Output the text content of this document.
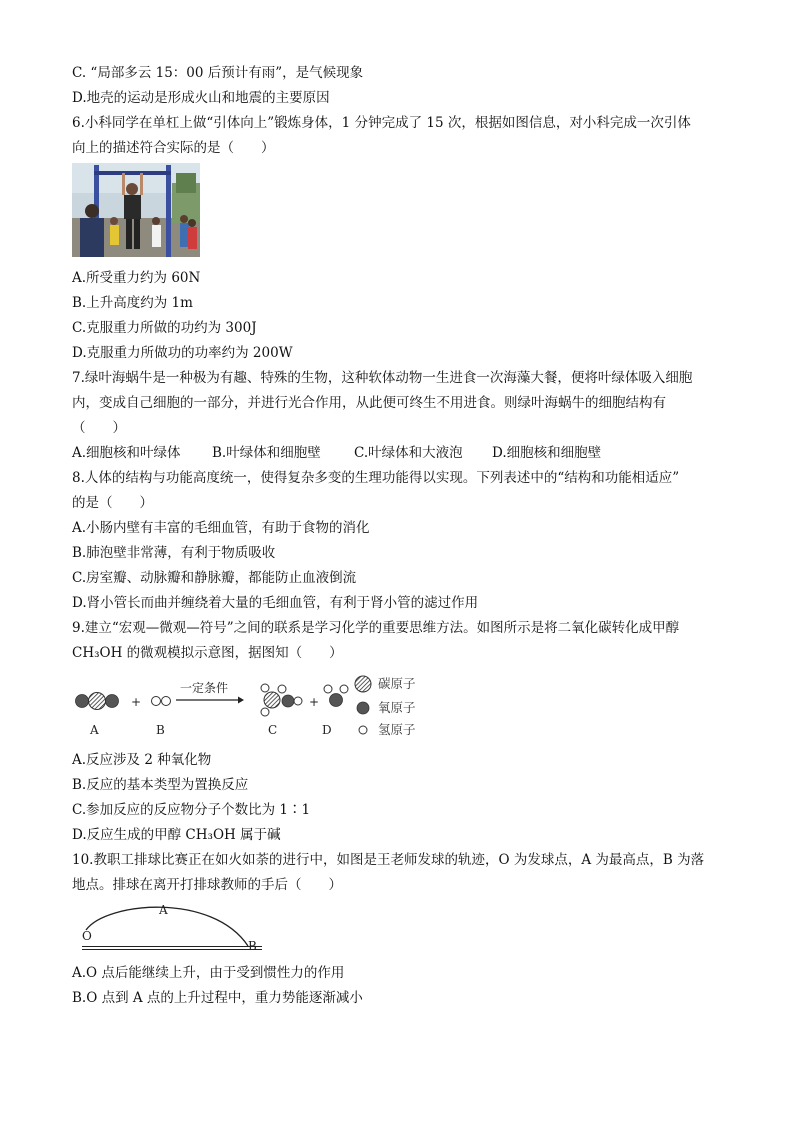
C. “局部多云 15：00 后预计有雨”，是气候现象
D.地壳的运动是形成火山和地震的主要原因
6.小科同学在单杠上做“引体向上”锻炼身体，1 分钟完成了 15 次，根据如图信息，对小科完成一次引体
向上的描述符合实际的是（　　）
A.所受重力约为 60N
B.上升高度约为 1m
C.克服重力所做的功约为 300J
D.克服重力所做功的功率约为 200W
7.绿叶海蜗牛是一种极为有趣、特殊的生物，这种软体动物一生进食一次海藻大餐，便将叶绿体吸入细胞
内，变成自己细胞的一部分，并进行光合作用，从此便可终生不用进食。则绿叶海蜗牛的细胞结构有
（　　）
A.细胞核和叶绿体 B.叶绿体和细胞壁 C.叶绿体和大液泡 D.细胞核和细胞壁
8.人体的结构与功能高度统一，使得复杂多变的生理功能得以实现。下列表述中的“结构和功能相适应”
的是（　　）
A.小肠内壁有丰富的毛细血管，有助于食物的消化
B.肺泡壁非常薄，有利于物质吸收
C.房室瓣、动脉瓣和静脉瓣，都能防止血液倒流
D.肾小管长而曲并缠绕着大量的毛细血管，有利于肾小管的滤过作用
9.建立“宏观—微观—符号”之间的联系是学习化学的重要思维方法。如图所示是将二氧化碳转化成甲醇
CH₃OH 的微观模拟示意图，据图知（　　）
A
+
B
一定条件
C
+
D
碳原子
氧原子
氢原子
A.反应涉及 2 种氧化物
B.反应的基本类型为置换反应
C.参加反应的反应物分子个数比为 1∶1
D.反应生成的甲醇 CH₃OH 属于碱
10.教职工排球比赛正在如火如荼的进行中，如图是王老师发球的轨迹，O 为发球点，A 为最高点，B 为落
地点。排球在离开打排球教师的手后（　　）
O
A
B
A.O 点后能继续上升，由于受到惯性力的作用
B.O 点到 A 点的上升过程中，重力势能逐渐减小
